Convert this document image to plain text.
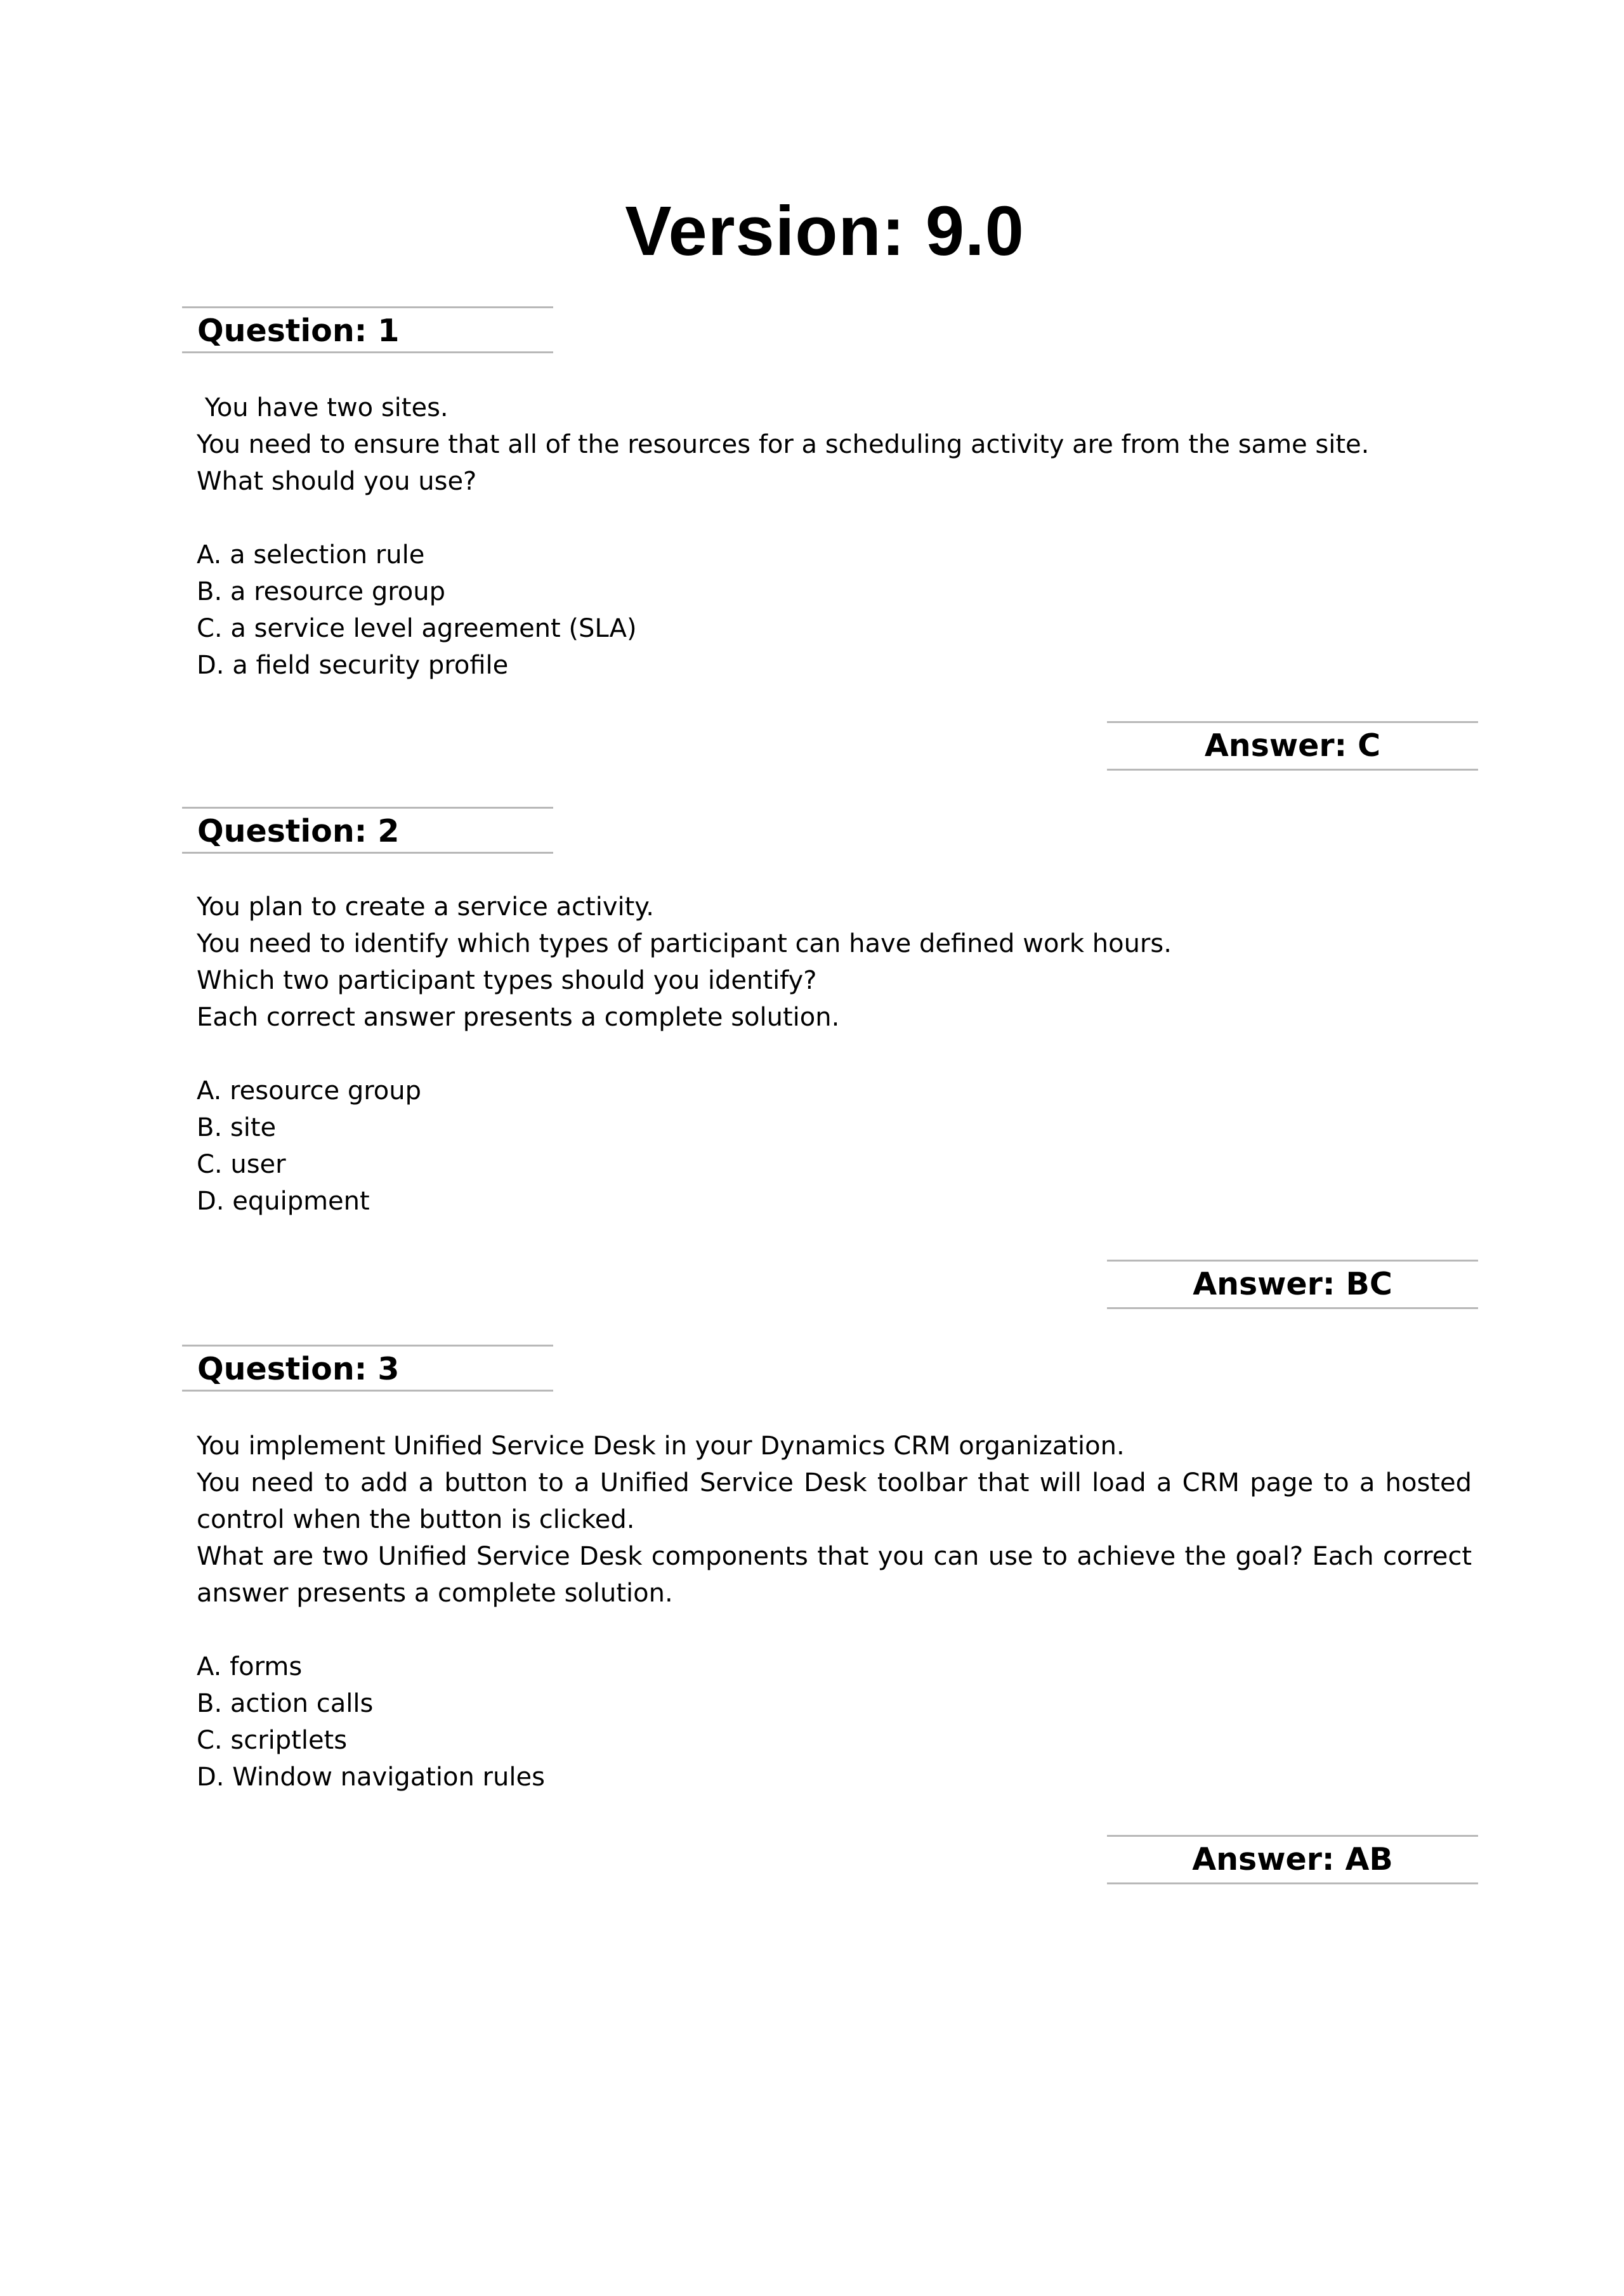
Version: 9.0
Question: 1

You have two sites.

You need to ensure that all of the resources for a scheduling activity are from the same site.

What should you use?

A. a selection rule
B. a resource group
C. a service level agreement (SLA)
D. a field security profile
Answer: C
Question: 2

You plan to create a service activity.

You need to identify which types of participant can have defined work hours.

Which two participant types should you identify?

Each correct answer presents a complete solution.

A. resource group
B. site
C. user
D. equipment
Answer: BC
Question: 3

You implement Unified Service Desk in your Dynamics CRM organization.

You need to add a button to a Unified Service Desk toolbar that will load a CRM page to a hosted control when the button is clicked.

What are two Unified Service Desk components that you can use to achieve the goal? Each correct answer presents a complete solution.

A. forms
B. action calls
C. scriptlets
D. Window navigation rules
Answer: AB
